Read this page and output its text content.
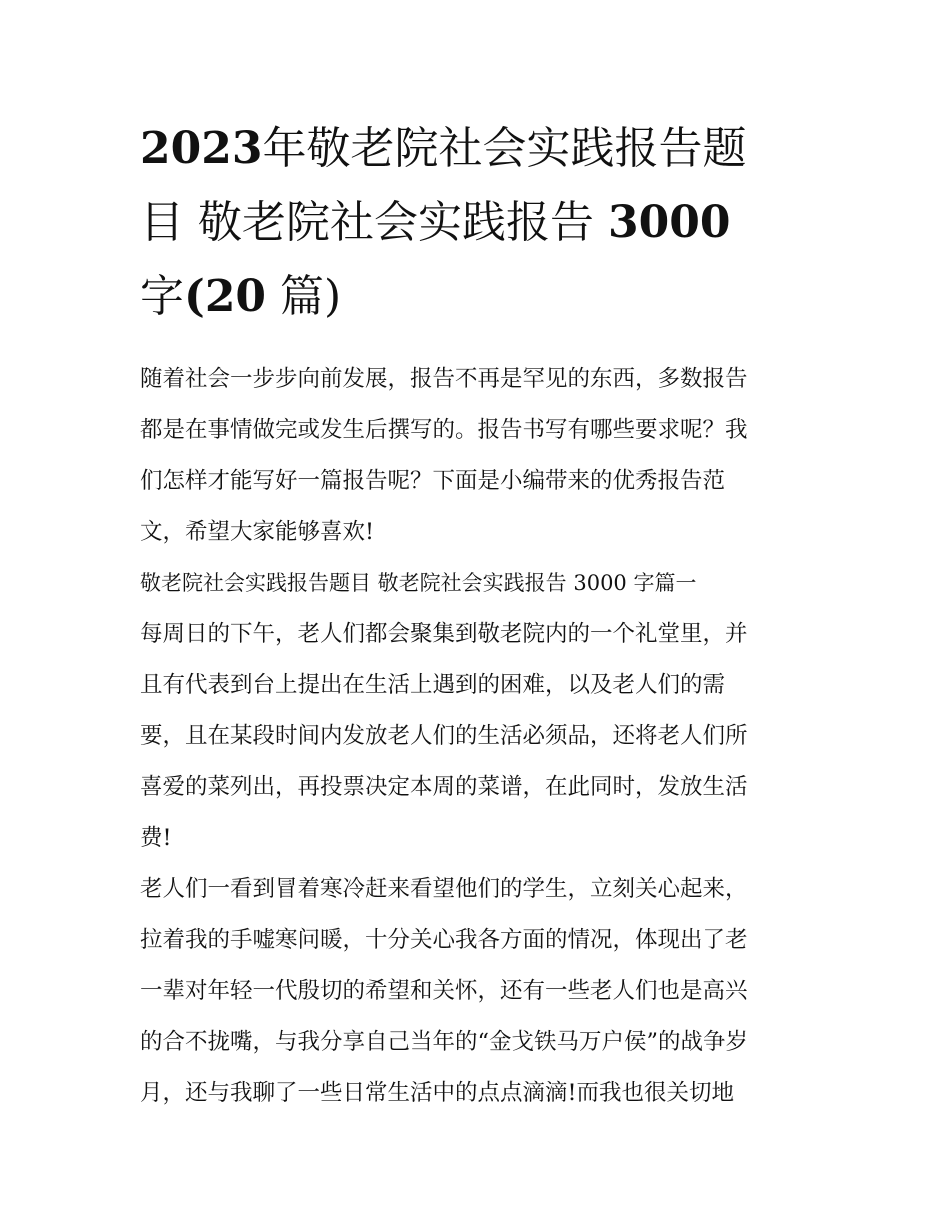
2023年敬老院社会实践报告题
目 敬老院社会实践报告 3000
字(20 篇)
随着社会一步步向前发展，报告不再是罕见的东西，多数报告
都是在事情做完或发生后撰写的。报告书写有哪些要求呢？我
们怎样才能写好一篇报告呢？下面是小编带来的优秀报告范
文，希望大家能够喜欢!
敬老院社会实践报告题目 敬老院社会实践报告 3000 字篇一
每周日的下午，老人们都会聚集到敬老院内的一个礼堂里，并
且有代表到台上提出在生活上遇到的困难，以及老人们的需
要，且在某段时间内发放老人们的生活必须品，还将老人们所
喜爱的菜列出，再投票决定本周的菜谱，在此同时，发放生活
费!
老人们一看到冒着寒冷赶来看望他们的学生，立刻关心起来，
拉着我的手嘘寒问暖，十分关心我各方面的情况，体现出了老
一辈对年轻一代殷切的希望和关怀，还有一些老人们也是高兴
的合不拢嘴，与我分享自己当年的“金戈铁马万户侯”的战争岁
月，还与我聊了一些日常生活中的点点滴滴!而我也很关切地
